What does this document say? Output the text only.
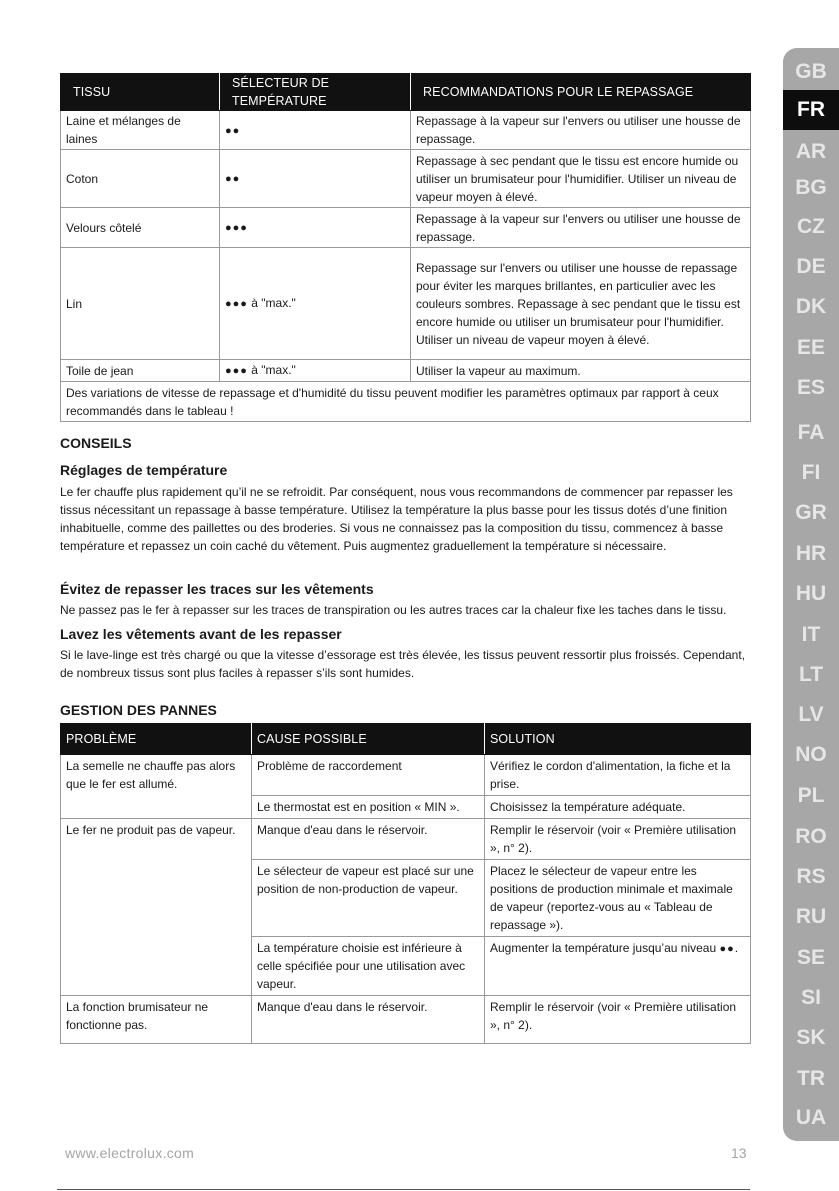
TISSU	SÉLECTEUR DE TEMPÉRATURE	RECOMMANDATIONS POUR LE REPASSAGE
Laine et mélanges de laines	●●	Repassage à la vapeur sur l'envers ou utiliser une housse de repassage.
Coton	●●	Repassage à sec pendant que le tissu est encore humide ou utiliser un brumisateur pour l'humidifier. Utiliser un niveau de vapeur moyen à élevé.
Velours côtelé	●●●	Repassage à la vapeur sur l'envers ou utiliser une housse de repassage.
Lin	●●● à "max."	Repassage sur l'envers ou utiliser une housse de repassage pour éviter les marques brillantes, en particulier avec les couleurs sombres. Repassage à sec pendant que le tissu est encore humide ou utiliser un brumisateur pour l'humidifier. Utiliser un niveau de vapeur moyen à élevé.
Toile de jean	●●● à "max."	Utiliser la vapeur au maximum.
Des variations de vitesse de repassage et d'humidité du tissu peuvent modifier les paramètres optimaux par rapport à ceux recommandés dans le tableau !		
CONSEILS
Réglages de température

Le fer chauffe plus rapidement qu’il ne se refroidit. Par conséquent, nous vous recommandons de commencer par repasser les tissus nécessitant un repassage à basse température. Utilisez la température la plus basse pour les tissus dotés d’une finition inhabituelle, comme des paillettes ou des broderies. Si vous ne connaissez pas la composition du tissu, commencez à basse température et repassez un coin caché du vêtement. Puis augmentez graduellement la température si nécessaire.

Évitez de repasser les traces sur les vêtements

Ne passez pas le fer à repasser sur les traces de transpiration ou les autres traces car la chaleur fixe les taches dans le tissu.

Lavez les vêtements avant de les repasser

Si le lave-linge est très chargé ou que la vitesse d’essorage est très élevée, les tissus peuvent ressortir plus froissés. Cependant, de nombreux tissus sont plus faciles à repasser s’ils sont humides.

GESTION DES PANNES
PROBLÈME	CAUSE POSSIBLE	SOLUTION
La semelle ne chauffe pas alors que le fer est allumé.	Problème de raccordement	Vérifiez le cordon d'alimentation, la fiche et la prise.
	Le thermostat est en position « MIN ».	Choisissez la température adéquate.
Le fer ne produit pas de vapeur.	Manque d'eau dans le réservoir.	Remplir le réservoir (voir « Première utilisation », n° 2).
	Le sélecteur de vapeur est placé sur une position de non-production de vapeur.	Placez le sélecteur de vapeur entre les positions de production minimale et maximale de vapeur (reportez-vous au « Tableau de repassage »).
	La température choisie est inférieure à celle spécifiée pour une utilisation avec vapeur.	Augmenter la température jusqu’au niveau ●●.
La fonction brumisateur ne fonctionne pas.	Manque d'eau dans le réservoir.	Remplir le réservoir (voir « Première utilisation », n° 2).
GB
FR
AR
BG
CZ
DE
DK
EE
ES
FA
FI
GR
HR
HU
IT
LT
LV
NO
PL
RO
RS
RU
SE
SI
SK
TR
UA
www.electrolux.com	13
